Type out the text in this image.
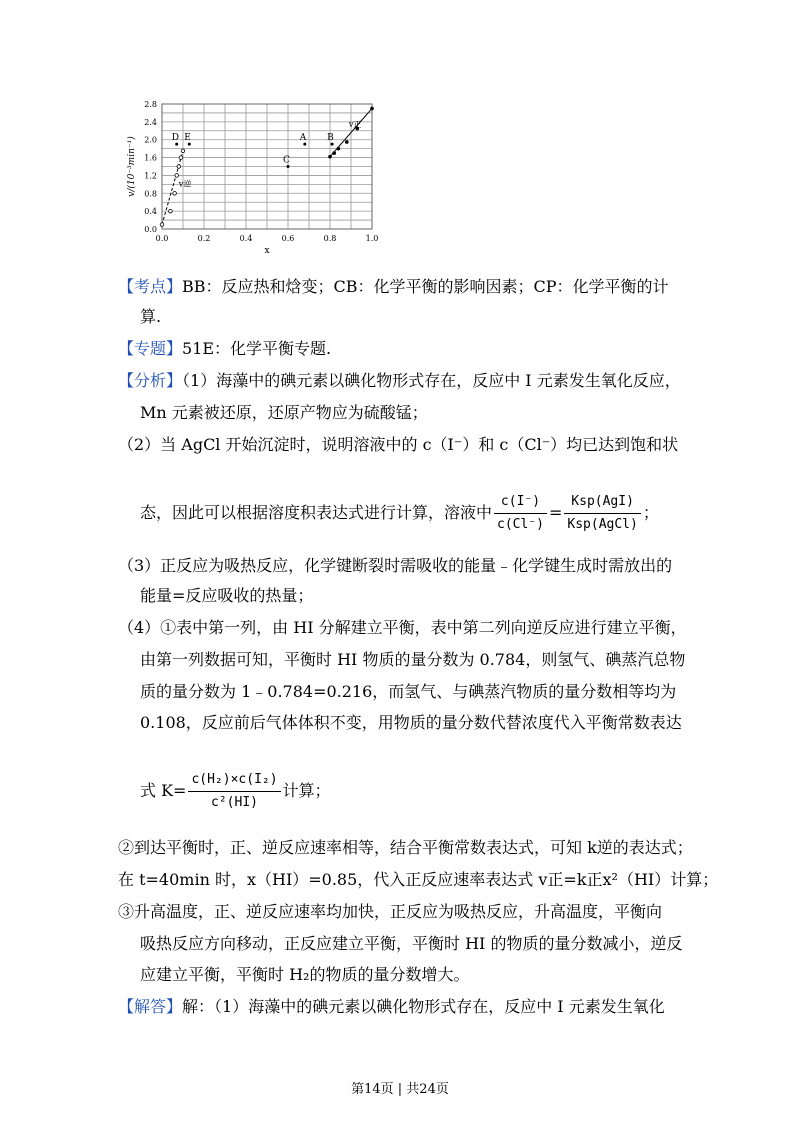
0.0	0.2	0.4	0.6	0.8	1.0
0.0
0.4
0.8
1.2
1.6
2.0
2.4
2.8
x
v/(10⁻³min⁻¹)	D E	A B
C
v正
v逆
【考点】BB：反应热和焓变；CB：化学平衡的影响因素；CP：化学平衡的计
算.
【专题】51E：化学平衡专题.
【分析】（1）海藻中的碘元素以碘化物形式存在，反应中 I 元素发生氧化反应，
Mn 元素被还原，还原产物应为硫酸锰；
（2）当 AgCl 开始沉淀时，说明溶液中的 c（I⁻）和 c（Cl⁻）均已达到饱和状
态，因此可以根据溶度积表达式进行计算，溶液中 $\frac{c(I^-)}{c(Cl^-)} = \frac{\text{Ksp(AgI)}}{\text{Ksp(AgCl)}}$ ；
（3）正反应为吸热反应，化学键断裂时需吸收的能量﹣化学键生成时需放出的
能量=反应吸收的热量；
（4）①表中第一列，由 HI 分解建立平衡，表中第二列向逆反应进行建立平衡，
由第一列数据可知，平衡时 HI 物质的量分数为 0.784，则氢气、碘蒸汽总物
质的量分数为 1﹣0.784=0.216，而氢气、与碘蒸汽物质的量分数相等均为
0.108，反应前后气体体积不变，用物质的量分数代替浓度代入平衡常数表达
式 $K= \frac{\text{c(H₂)×c(I₂)}}{\text{c²(HI)}}$ 计算；
②到达平衡时，正、逆反应速率相等，结合平衡常数表达式，可知 k逆的表达式；
在 t=40min 时，x（HI）=0.85，代入正反应速率表达式 v正=k正x²（HI）计算；
③升高温度，正、逆反应速率均加快，正反应为吸热反应，升高温度，平衡向
吸热反应方向移动，正反应建立平衡，平衡时 HI 的物质的量分数减小，逆反
应建立平衡，平衡时 H₂的物质的量分数增大。
【解答】解：（1）海藻中的碘元素以碘化物形式存在，反应中 I 元素发生氧化
第14页 | 共24页
